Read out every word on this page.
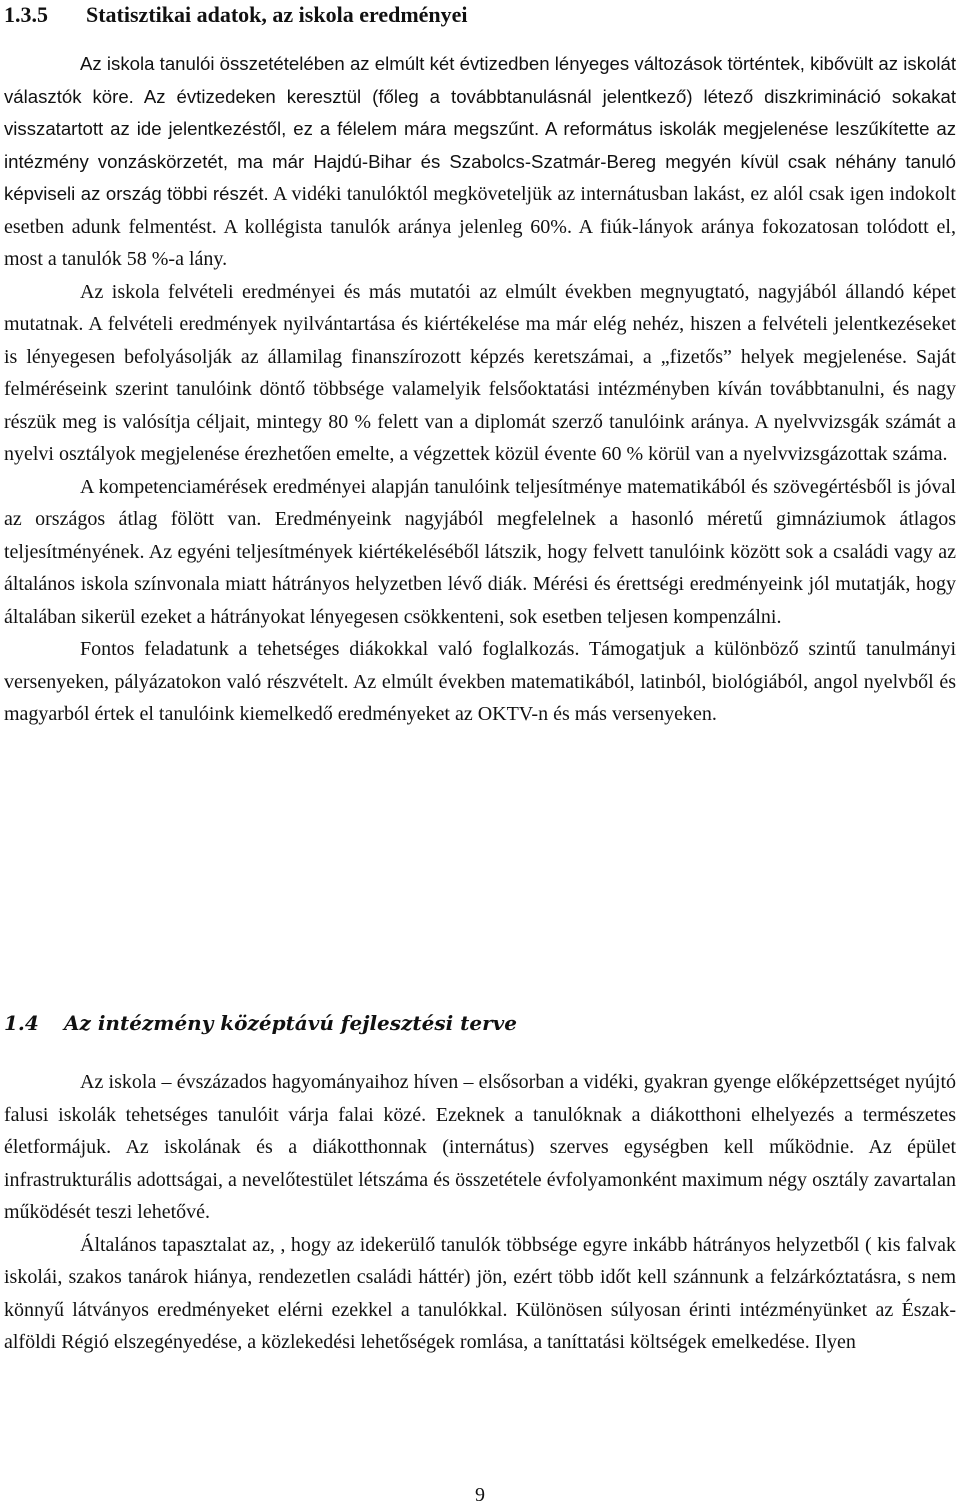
1.3.5 Statisztikai adatok, az iskola eredményei

Az iskola tanulói összetételében az elmúlt két évtizedben lényeges változások történtek, kibővült az iskolát választók köre. Az évtizedeken keresztül (főleg a továbbtanulásnál jelentkező) létező diszkrimináció sokakat visszatartott az ide jelentkezéstől, ez a félelem mára megszűnt. A református iskolák megjelenése leszűkítette az intézmény vonzáskörzetét, ma már Hajdú-Bihar és Szabolcs-Szatmár-Bereg megyén kívül csak néhány tanuló képviseli az ország többi részét. A vidéki tanulóktól megköveteljük az internátusban lakást, ez alól csak igen indokolt esetben adunk felmentést. A kollégista tanulók aránya jelenleg 60%. A fiúk-lányok aránya fokozatosan tolódott el, most a tanulók 58 %-a lány.

Az iskola felvételi eredményei és más mutatói az elmúlt években megnyugtató, nagyjából állandó képet mutatnak. A felvételi eredmények nyilvántartása és kiértékelése ma már elég nehéz, hiszen a felvételi jelentkezéseket is lényegesen befolyásolják az államilag finanszírozott képzés keretszámai, a „fizetős” helyek megjelenése. Saját felméréseink szerint tanulóink döntő többsége valamelyik felsőoktatási intézményben kíván továbbtanulni, és nagy részük meg is valósítja céljait, mintegy 80 % felett van a diplomát szerző tanulóink aránya. A nyelvvizsgák számát a nyelvi osztályok megjelenése érezhetően emelte, a végzettek közül évente 60 % körül van a nyelvvizsgázottak száma.

A kompetenciamérések eredményei alapján tanulóink teljesítménye matematikából és szövegértésből is jóval az országos átlag fölött van. Eredményeink nagyjából megfelelnek a hasonló méretű gimnáziumok átlagos teljesítményének. Az egyéni teljesítmények kiértékeléséből látszik, hogy felvett tanulóink között sok a családi vagy az általános iskola színvonala miatt hátrányos helyzetben lévő diák. Mérési és érettségi eredményeink jól mutatják, hogy általában sikerül ezeket a hátrányokat lényegesen csökkenteni, sok esetben teljesen kompenzálni.

Fontos feladatunk a tehetséges diákokkal való foglalkozás. Támogatjuk a különböző szintű tanulmányi versenyeken, pályázatokon való részvételt. Az elmúlt években matematikából, latinból, biológiából, angol nyelvből és magyarból értek el tanulóink kiemelkedő eredményeket az OKTV-n és más versenyeken.

1.4 Az intézmény középtávú fejlesztési terve

Az iskola – évszázados hagyományaihoz híven – elsősorban a vidéki, gyakran gyenge előképzettséget nyújtó falusi iskolák tehetséges tanulóit várja falai közé. Ezeknek a tanulóknak a diákotthoni elhelyezés a természetes életformájuk. Az iskolának és a diákotthonnak (internátus) szerves egységben kell működnie. Az épület infrastrukturális adottságai, a nevelőtestület létszáma és összetétele évfolyamonként maximum négy osztály zavartalan működését teszi lehetővé.

Általános tapasztalat az, , hogy az idekerülő tanulók többsége egyre inkább hátrányos helyzetből ( kis falvak iskolái, szakos tanárok hiánya, rendezetlen családi háttér) jön, ezért több időt kell szánnunk a felzárkóztatásra, s nem könnyű látványos eredményeket elérni ezekkel a tanulókkal. Különösen súlyosan érinti intézményünket az Észak-alföldi Régió elszegényedése, a közlekedési lehetőségek romlása, a taníttatási költségek emelkedése. Ilyen

9
